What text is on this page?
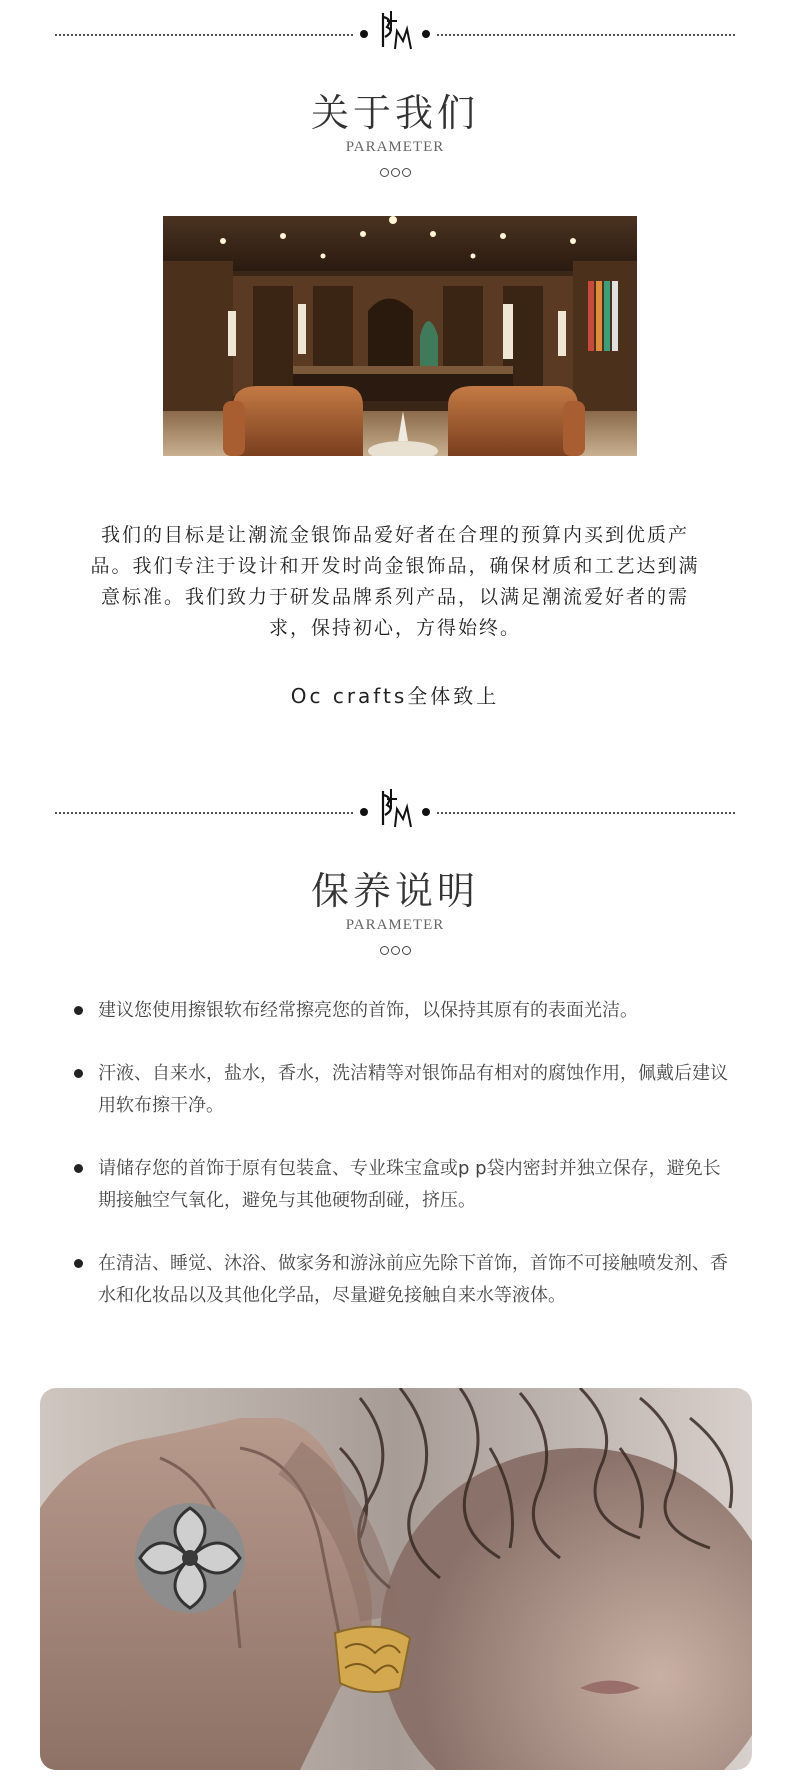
关于我们
PARAMETER
我们的目标是让潮流金银饰品爱好者在合理的预算内买到优质产品。我们专注于设计和开发时尚金银饰品，确保材质和工艺达到满意标准。我们致力于研发品牌系列产品，以满足潮流爱好者的需求，保持初心，方得始终。
Oc crafts全体致上
保养说明
PARAMETER
建议您使用擦银软布经常擦亮您的首饰，以保持其原有的表面光洁。
汗液、自来水，盐水，香水，洗洁精等对银饰品有相对的腐蚀作用，佩戴后建议用软布擦干净。
请储存您的首饰于原有包装盒、专业珠宝盒或p p袋内密封并独立保存，避免长期接触空气氧化，避免与其他硬物刮碰，挤压。
在清洁、睡觉、沐浴、做家务和游泳前应先除下首饰，首饰不可接触喷发剂、香水和化妆品以及其他化学品，尽量避免接触自来水等液体。
